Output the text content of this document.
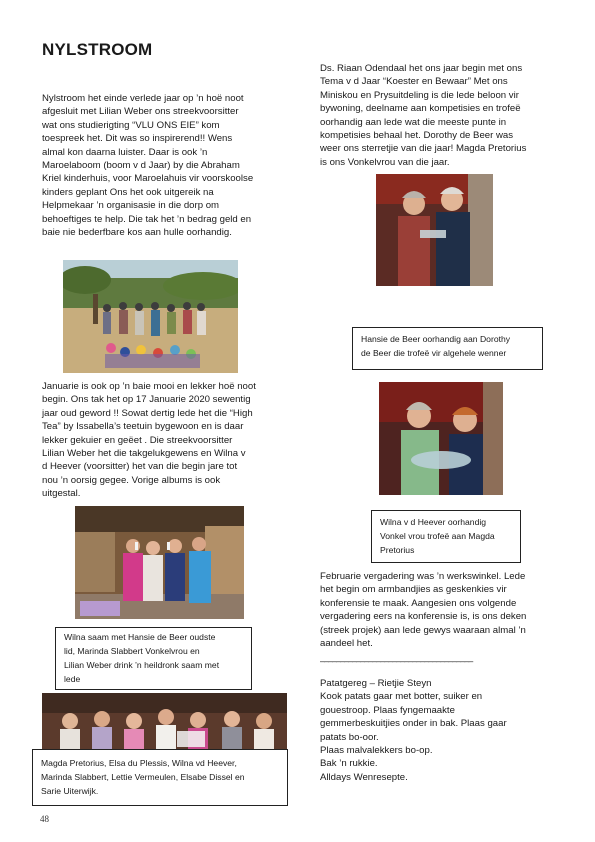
NYLSTROOM
Nylstroom het einde verlede jaar op ’n hoë noot
afgesluit met Lilian Weber ons streekvoorsitter
wat ons studierigting “VLU ONS EIE” kom
toespreek het. Dit was so inspirerend!! Wens
almal kon daarna luister. Daar is ook ’n
Maroelaboom (boom v d Jaar) by die Abraham
Kriel kinderhuis, voor Maroelahuis vir voorskoolse
kinders geplant Ons het ook uitgereik na
Helpmekaar ’n organisasie in die dorp om
behoeftiges te help. Die tak het ’n bedrag geld en
baie nie bederfbare kos aan hulle oorhandig.
Januarie is ook op ’n baie mooi en lekker hoë noot
begin. Ons tak het op 17 Januarie 2020 sewentig
jaar oud geword !! Sowat dertig lede het die “High
Tea” by Issabella’s teetuin bygewoon en is daar
lekker gekuier en geëet . Die streekvoorsitter
Lilian Weber het die takgelukgewens en Wilna v
d Heever (voorsitter) het van die begin jare tot
nou ’n oorsig gegee. Vorige albums is ook
uitgestal.
Wilna saam met Hansie de Beer oudste
lid, Marinda Slabbert Vonkelvrou en
Lilian Weber drink ’n heildronk saam met
lede
Magda Pretorius, Elsa du Plessis, Wilna vd Heever,
Marinda Slabbert, Lettie Vermeulen, Elsabe Dissel en
Sarie Uiterwijk.
48
Ds. Riaan Odendaal het ons jaar begin met ons
Tema v d Jaar “Koester en Bewaar” Met ons
Miniskou en Prysuitdeling is die lede beloon vir
bywoning, deelname aan kompetisies en trofeë
oorhandig aan lede wat die meeste punte in
kompetisies behaal het. Dorothy de Beer was
weer ons sterretjie van die jaar! Magda Pretorius
is ons Vonkelvrou van die jaar.
Hansie de Beer oorhandig aan Dorothy
de Beer die trofeë vir algehele wenner
Wilna v d Heever oorhandig
Vonkel vrou trofeë aan Magda
Pretorius
Februarie vergadering was ’n werkswinkel. Lede
het begin om armbandjies as geskenkies vir
konferensie te maak. Aangesien ons volgende
vergadering eers na konferensie is, is ons deken
(streek projek) aan lede gewys waaraan almal ’n
aandeel het.
––––––––––––––––––––––––––––––––––––––
Patatgereg – Rietjie Steyn
Kook patats gaar met botter, suiker en
gouestroop. Plaas fyngemaakte
gemmerbeskuitjies onder in bak. Plaas gaar
patats bo-oor.
Plaas malvalekkers bo-op.
Bak ’n rukkie.
Alldays Wenresepte.
